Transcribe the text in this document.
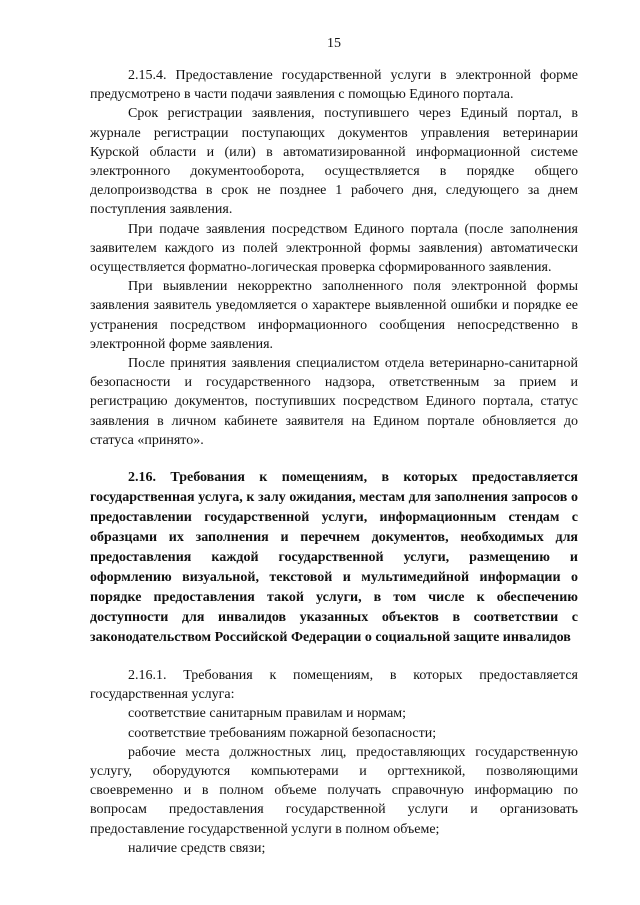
15

2.15.4. Предоставление государственной услуги в электронной форме предусмотрено в части подачи заявления с помощью Единого портала.

Срок регистрации заявления, поступившего через Единый портал, в журнале регистрации поступающих документов управления ветеринарии Курской области и (или) в автоматизированной информационной системе электронного документооборота, осуществляется в порядке общего делопроизводства в срок не позднее 1 рабочего дня, следующего за днем поступления заявления.

При подаче заявления посредством Единого портала (после заполнения заявителем каждого из полей электронной формы заявления) автоматически осуществляется форматно-логическая проверка сформированного заявления.

При выявлении некорректно заполненного поля электронной формы заявления заявитель уведомляется о характере выявленной ошибки и порядке ее устранения посредством информационного сообщения непосредственно в электронной форме заявления.

После принятия заявления специалистом отдела ветеринарно-санитарной безопасности и государственного надзора, ответственным за прием и регистрацию документов, поступивших посредством Единого портала, статус заявления в личном кабинете заявителя на Едином портале обновляется до статуса «принято».

2.16. Требования к помещениям, в которых предоставляется государственная услуга, к залу ожидания, местам для заполнения запросов о предоставлении государственной услуги, информационным стендам с образцами их заполнения и перечнем документов, необходимых для предоставления каждой государственной услуги, размещению и оформлению визуальной, текстовой и мультимедийной информации о порядке предоставления такой услуги, в том числе к обеспечению доступности для инвалидов указанных объектов в соответствии с законодательством Российской Федерации о социальной защите инвалидов

2.16.1. Требования к помещениям, в которых предоставляется государственная услуга:

соответствие санитарным правилам и нормам;

соответствие требованиям пожарной безопасности;

рабочие места должностных лиц, предоставляющих государственную услугу, оборудуются компьютерами и оргтехникой, позволяющими своевременно и в полном объеме получать справочную информацию по вопросам предоставления государственной услуги и организовать предоставление государственной услуги в полном объеме;

наличие средств связи;
